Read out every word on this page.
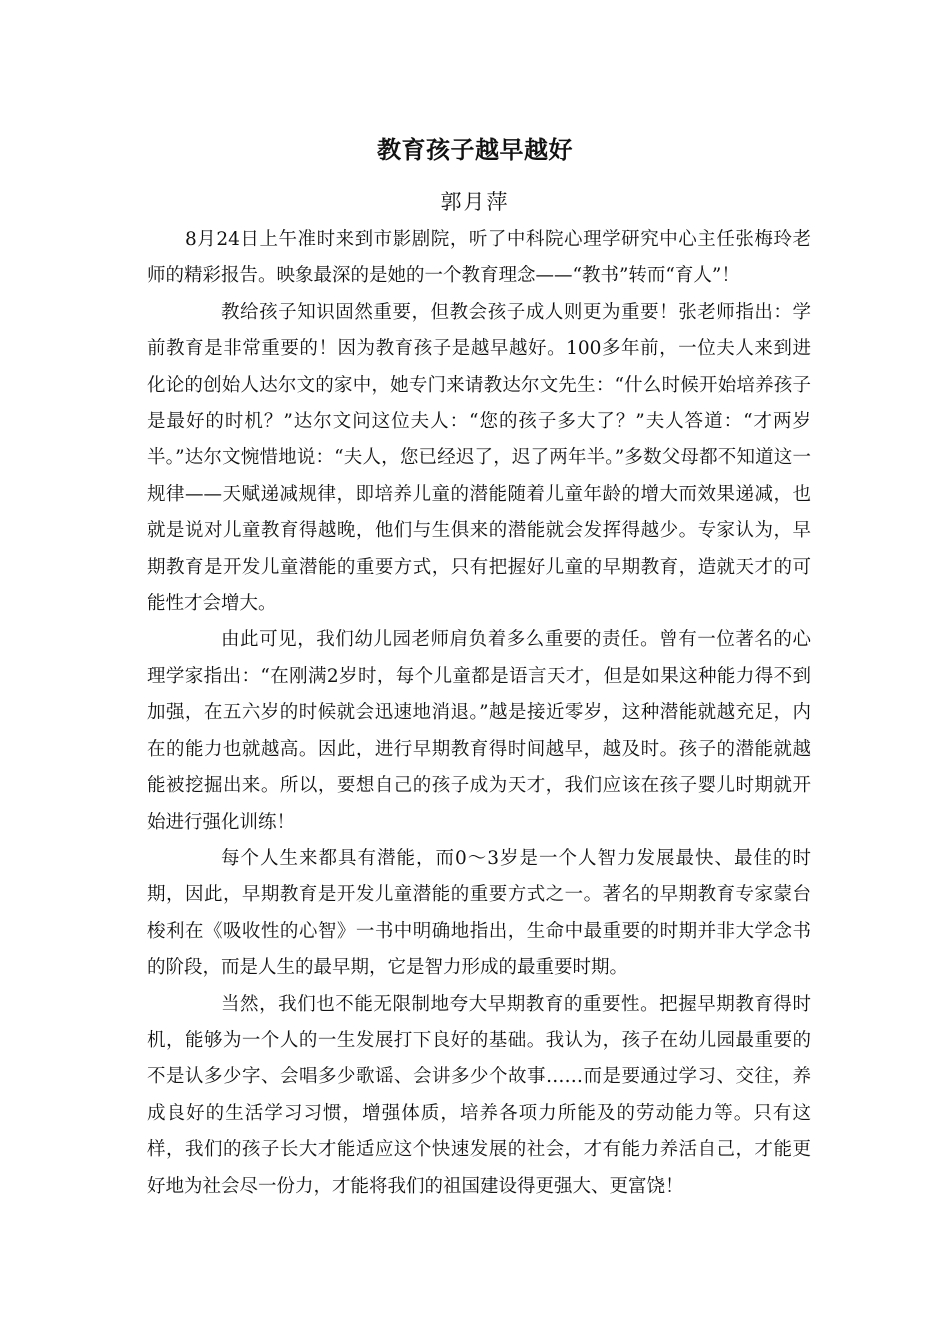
教育孩子越早越好
郭月萍

8月24日上午准时来到市影剧院，听了中科院心理学研究中心主任张梅玲老师的精彩报告。映象最深的是她的一个教育理念——“教书”转而“育人”！

教给孩子知识固然重要，但教会孩子成人则更为重要！张老师指出：学前教育是非常重要的！因为教育孩子是越早越好。100多年前，一位夫人来到进化论的创始人达尔文的家中，她专门来请教达尔文先生：“什么时候开始培养孩子是最好的时机？”达尔文问这位夫人：“您的孩子多大了？”夫人答道：“才两岁半。”达尔文惋惜地说：“夫人，您已经迟了，迟了两年半。”多数父母都不知道这一规律——天赋递减规律，即培养儿童的潜能随着儿童年龄的增大而效果递减，也就是说对儿童教育得越晚，他们与生俱来的潜能就会发挥得越少。专家认为，早期教育是开发儿童潜能的重要方式，只有把握好儿童的早期教育，造就天才的可能性才会增大。

由此可见，我们幼儿园老师肩负着多么重要的责任。曾有一位著名的心理学家指出：“在刚满2岁时，每个儿童都是语言天才，但是如果这种能力得不到加强，在五六岁的时候就会迅速地消退。”越是接近零岁，这种潜能就越充足，内在的能力也就越高。因此，进行早期教育得时间越早，越及时。孩子的潜能就越能被挖掘出来。所以，要想自己的孩子成为天才，我们应该在孩子婴儿时期就开始进行强化训练！

每个人生来都具有潜能，而0～3岁是一个人智力发展最快、最佳的时期，因此，早期教育是开发儿童潜能的重要方式之一。著名的早期教育专家蒙台梭利在《吸收性的心智》一书中明确地指出，生命中最重要的时期并非大学念书的阶段，而是人生的最早期，它是智力形成的最重要时期。

当然，我们也不能无限制地夸大早期教育的重要性。把握早期教育得时机，能够为一个人的一生发展打下良好的基础。我认为，孩子在幼儿园最重要的不是认多少字、会唱多少歌谣、会讲多少个故事……而是要通过学习、交往，养成良好的生活学习习惯，增强体质，培养各项力所能及的劳动能力等。只有这样，我们的孩子长大才能适应这个快速发展的社会，才有能力养活自己，才能更好地为社会尽一份力，才能将我们的祖国建设得更强大、更富饶！
